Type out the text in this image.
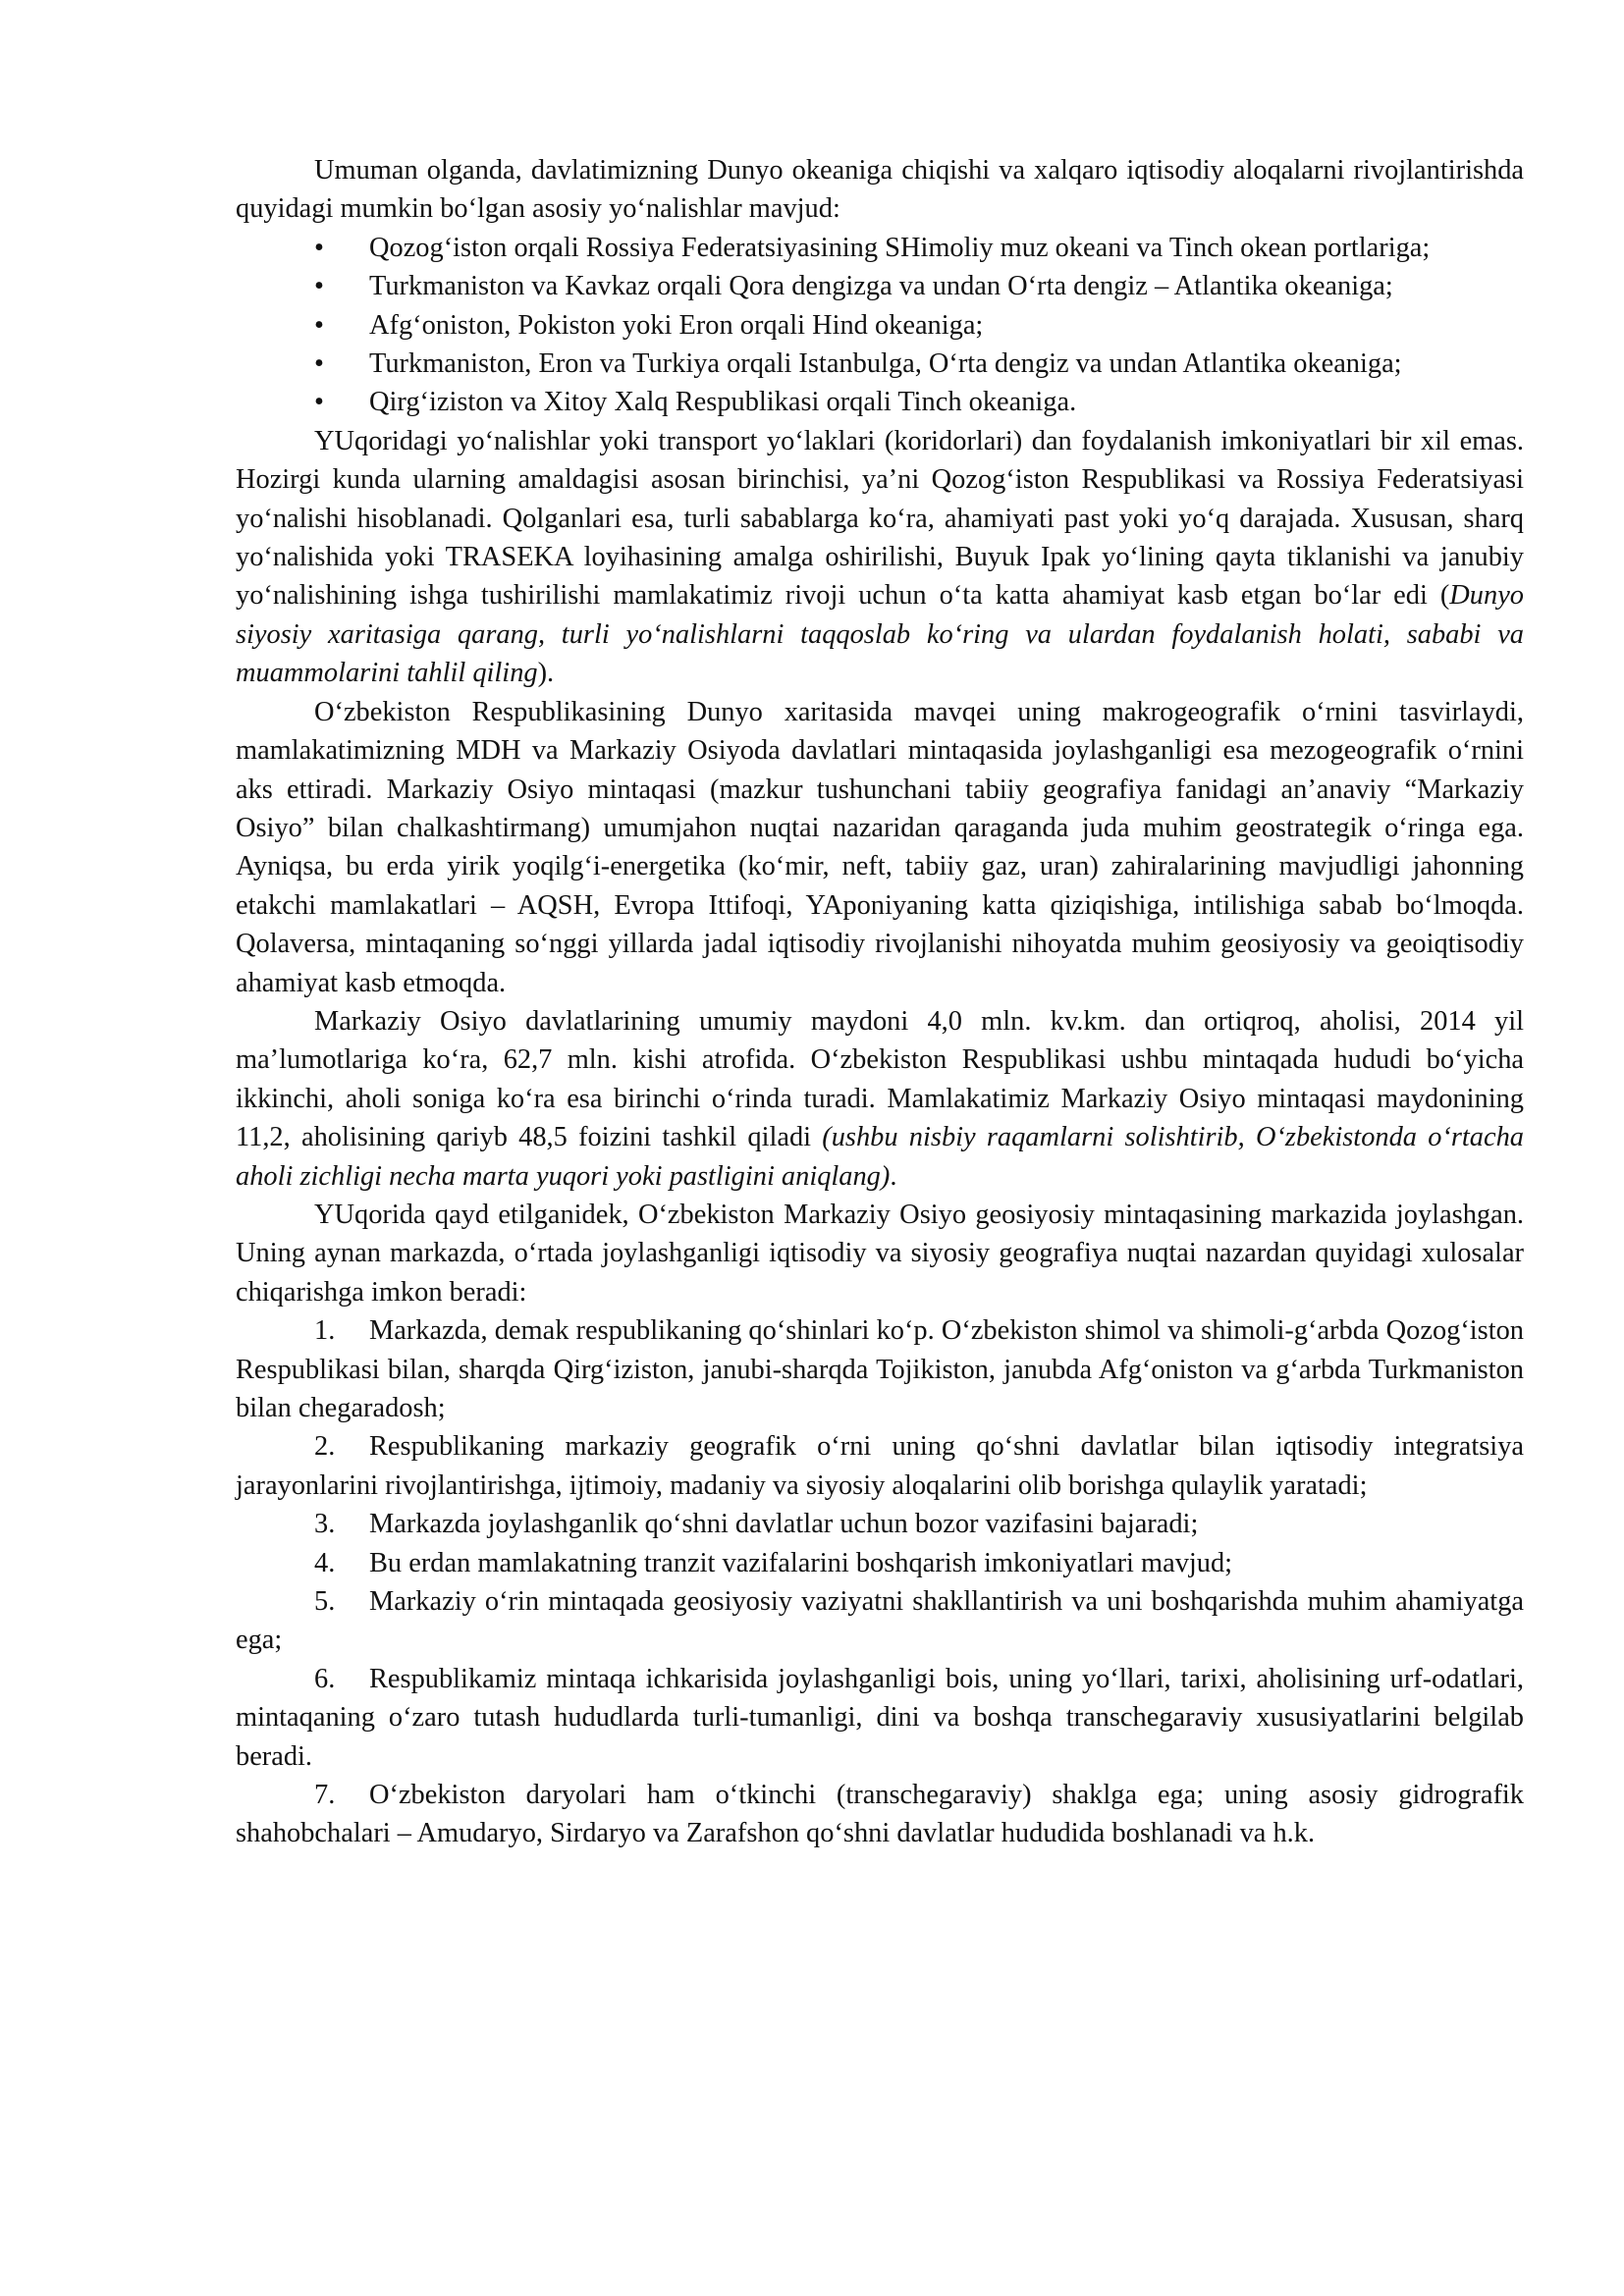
Umuman olganda, davlatimizning Dunyo okeaniga chiqishi va xalqaro iqtisodiy aloqalarni rivojlantirishda quyidagi mumkin bo‘lgan asosiy yo‘nalishlar mavjud:

• Qozog‘iston orqali Rossiya Federatsiyasining SHimoliy muz okeani va Tinch okean portlariga;

• Turkmaniston va Kavkaz orqali Qora dengizga va undan O‘rta dengiz – Atlantika okeaniga;

• Afg‘oniston, Pokiston yoki Eron orqali Hind okeaniga;

• Turkmaniston, Eron va Turkiya orqali Istanbulga, O‘rta dengiz va undan Atlantika okeaniga;

• Qirg‘iziston va Xitoy Xalq Respublikasi orqali Tinch okeaniga.

YUqoridagi yo‘nalishlar yoki transport yo‘laklari (koridorlari) dan foydalanish imkoniyatlari bir xil emas. Hozirgi kunda ularning amaldagisi asosan birinchisi, ya’ni Qozog‘iston Respublikasi va Rossiya Federatsiyasi yo‘nalishi hisoblanadi. Qolganlari esa, turli sabablarga ko‘ra, ahamiyati past yoki yo‘q darajada. Xususan, sharq yo‘nalishida yoki TRASEKA loyihasining amalga oshirilishi, Buyuk Ipak yo‘lining qayta tiklanishi va janubiy yo‘nalishining ishga tushirilishi mamlakatimiz rivoji uchun o‘ta katta ahamiyat kasb etgan bo‘lar edi (Dunyo siyosiy xaritasiga qarang, turli yo‘nalishlarni taqqoslab ko‘ring va ulardan foydalanish holati, sababi va muammolarini tahlil qiling).

O‘zbekiston Respublikasining Dunyo xaritasida mavqei uning makrogeografik o‘rnini tasvirlaydi, mamlakatimizning MDH va Markaziy Osiyoda davlatlari mintaqasida joylashganligi esa mezogeografik o‘rnini aks ettiradi. Markaziy Osiyo mintaqasi (mazkur tushunchani tabiiy geografiya fanidagi an’anaviy “Markaziy Osiyo” bilan chalkashtirmang) umumjahon nuqtai nazaridan qaraganda juda muhim geostrategik o‘ringa ega. Ayniqsa, bu erda yirik yoqilg‘i-energetika (ko‘mir, neft, tabiiy gaz, uran) zahiralarining mavjudligi jahonning etakchi mamlakatlari – AQSH, Evropa Ittifoqi, YAponiyaning katta qiziqishiga, intilishiga sabab bo‘lmoqda. Qolaversa, mintaqaning so‘nggi yillarda jadal iqtisodiy rivojlanishi nihoyatda muhim geosiyosiy va geoiqtisodiy ahamiyat kasb etmoqda.

Markaziy Osiyo davlatlarining umumiy maydoni 4,0 mln. kv.km. dan ortiqroq, aholisi, 2014 yil ma’lumotlariga ko‘ra, 62,7 mln. kishi atrofida. O‘zbekiston Respublikasi ushbu mintaqada hududi bo‘yicha ikkinchi, aholi soniga ko‘ra esa birinchi o‘rinda turadi. Mamlakatimiz Markaziy Osiyo mintaqasi maydonining 11,2, aholisining qariyb 48,5 foizini tashkil qiladi (ushbu nisbiy raqamlarni solishtirib, O‘zbekistonda o‘rtacha aholi zichligi necha marta yuqori yoki pastligini aniqlang).

YUqorida qayd etilganidek, O‘zbekiston Markaziy Osiyo geosiyosiy mintaqasining markazida joylashgan. Uning aynan markazda, o‘rtada joylashganligi iqtisodiy va siyosiy geografiya nuqtai nazardan quyidagi xulosalar chiqarishga imkon beradi:

1. Markazda, demak respublikaning qo‘shinlari ko‘p. O‘zbekiston shimol va shimoli-g‘arbda Qozog‘iston Respublikasi bilan, sharqda Qirg‘iziston, janubi-sharqda Tojikiston, janubda Afg‘oniston va g‘arbda Turkmaniston bilan chegaradosh;

2. Respublikaning markaziy geografik o‘rni uning qo‘shni davlatlar bilan iqtisodiy integratsiya jarayonlarini rivojlantirishga, ijtimoiy, madaniy va siyosiy aloqalarini olib borishga qulaylik yaratadi;

3. Markazda joylashganlik qo‘shni davlatlar uchun bozor vazifasini bajaradi;

4. Bu erdan mamlakatning tranzit vazifalarini boshqarish imkoniyatlari mavjud;

5. Markaziy o‘rin mintaqada geosiyosiy vaziyatni shakllantirish va uni boshqarishda muhim ahamiyatga ega;

6. Respublikamiz mintaqa ichkarisida joylashganligi bois, uning yo‘llari, tarixi, aholisining urf-odatlari, mintaqaning o‘zaro tutash hududlarda turli-tumanligi, dini va boshqa transchegaraviy xususiyatlarini belgilab beradi.

7. O‘zbekiston daryolari ham o‘tkinchi (transchegaraviy) shaklga ega; uning asosiy gidrografik shahobchalari – Amudaryo, Sirdaryo va Zarafshon qo‘shni davlatlar hududida boshlanadi va h.k.
